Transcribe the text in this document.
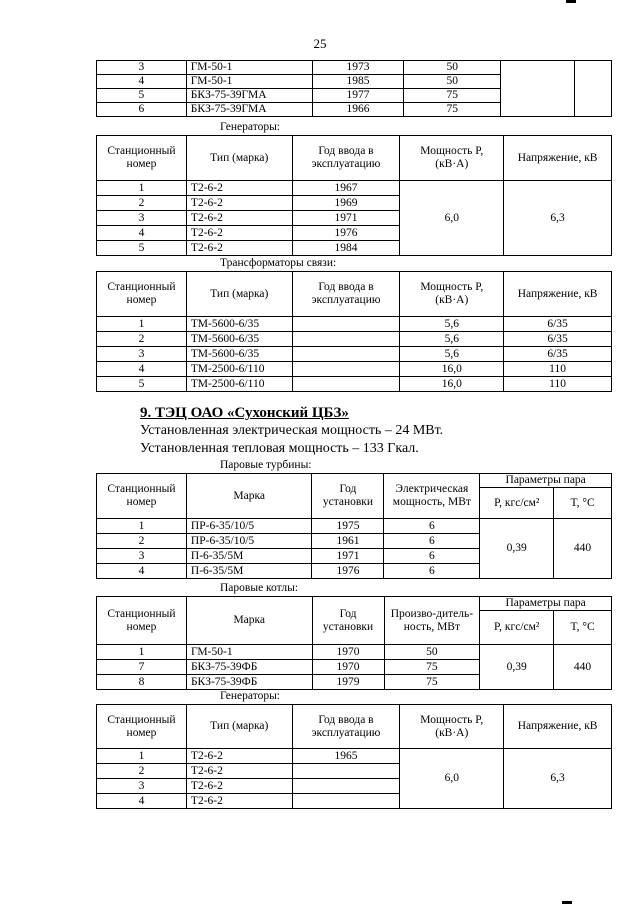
25
3	ГМ-50-1	1973	50		
4	ГМ-50-1	1985	50		
5	БКЗ-75-39ГМА	1977	75		
6	БКЗ-75-39ГМА	1966	75		
Генераторы:
Станционный номер	Тип (марка)	Год ввода в эксплуатацию	Мощность P, (кВ·А)	Напряжение, кВ
1	Т2-6-2	1967	6,0	6,3
2	Т2-6-2	1969		
3	Т2-6-2	1971		
4	Т2-6-2	1976		
5	Т2-6-2	1984		
Трансформаторы связи:
Станционный номер	Тип (марка)	Год ввода в эксплуатацию	Мощность P, (кВ·А)	Напряжение, кВ
1	ТМ-5600-6/35		5,6	6/35
2	ТМ-5600-6/35		5,6	6/35
3	ТМ-5600-6/35		5,6	6/35
4	ТМ-2500-6/110		16,0	110
5	ТМ-2500-6/110		16,0	110
9. ТЭЦ ОАО «Сухонский ЦБЗ»
Установленная электрическая мощность – 24 МВт.
Установленная тепловая мощность – 133 Гкал.
Паровые турбины:
Станционный номер	Марка	Год установки	Электрическая мощность, МВт	Параметры пара	
				P, кгс/см²	T, °C
1	ПР-6-35/10/5	1975	6	0,39	440
2	ПР-6-35/10/5	1961	6		
3	П-6-35/5М	1971	6		
4	П-6-35/5М	1976	6		
Паровые котлы:
Станционный номер	Марка	Год установки	Произво-дитель-ность, МВт	Параметры пара	
				P, кгс/см²	T, °C
1	ГМ-50-1	1970	50	0,39	440
7	БКЗ-75-39ФБ	1970	75		
8	БКЗ-75-39ФБ	1979	75		
Генераторы:
Станционный номер	Тип (марка)	Год ввода в эксплуатацию	Мощность P, (кВ·А)	Напряжение, кВ
1	Т2-6-2	1965	6,0	6,3
2	Т2-6-2			
3	Т2-6-2			
4	Т2-6-2			
